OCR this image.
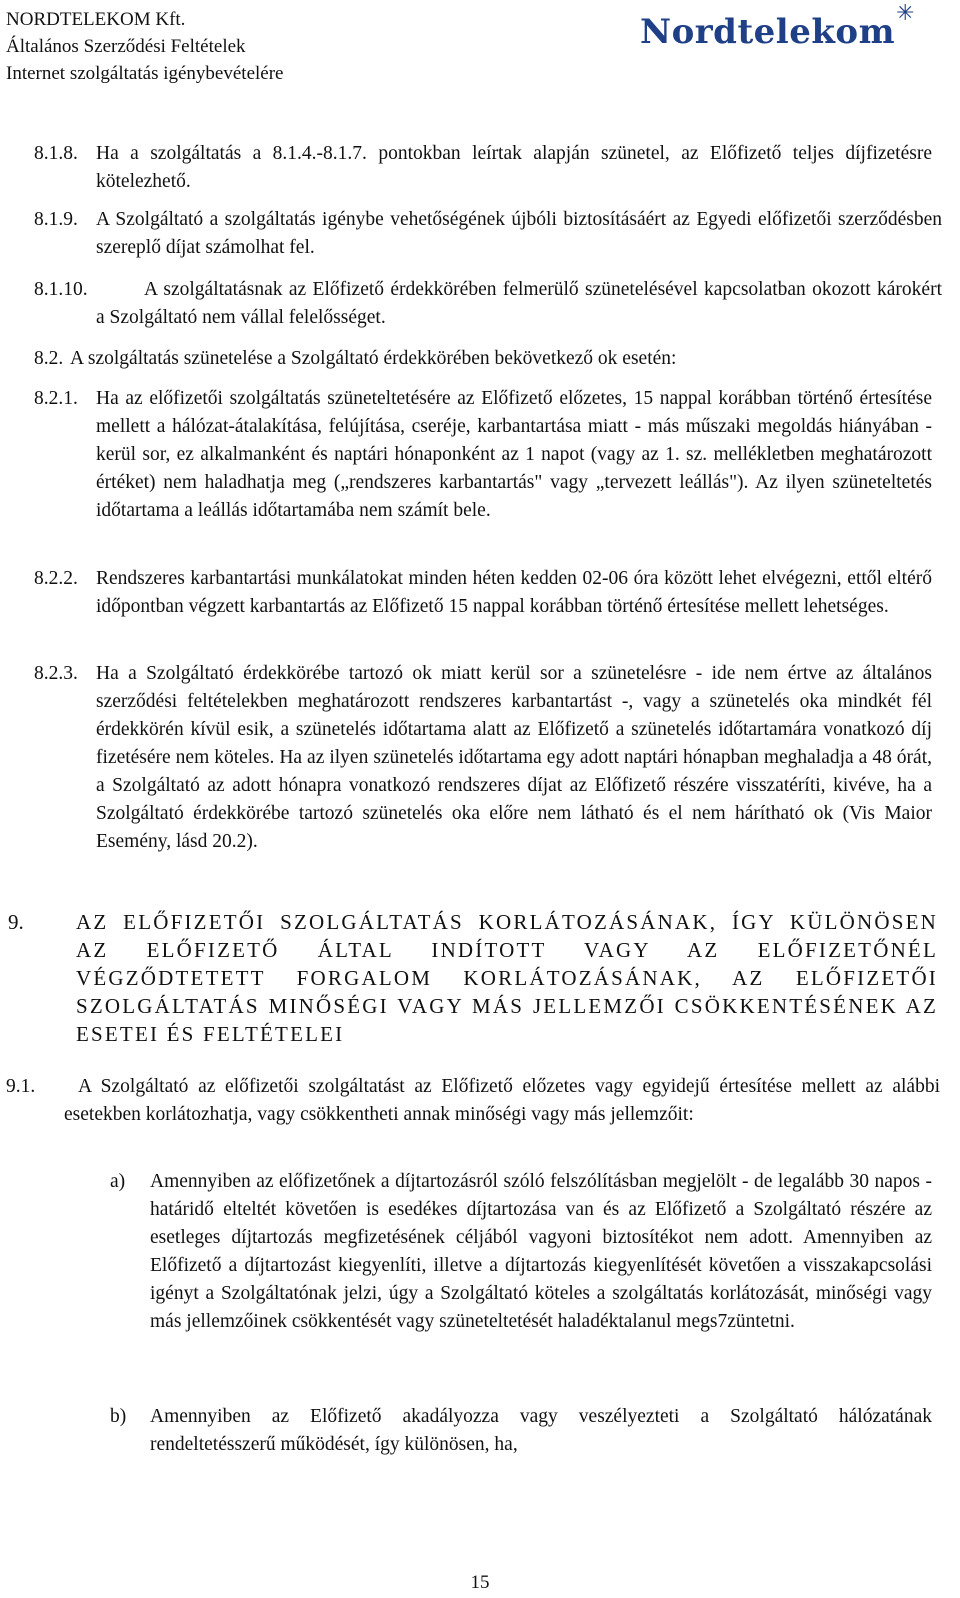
NORDTELEKOM Kft.
Általános Szerződési Feltételek
Internet szolgáltatás igénybevételére
Nordtelekom ✳
8.1.8. Ha a szolgáltatás a 8.1.4.-8.1.7. pontokban leírtak alapján szünetel, az Előfizető teljes díjfizetésre kötelezhető.
8.1.9. A Szolgáltató a szolgáltatás igénybe vehetőségének újbóli biztosításáért az Egyedi előfizetői szerződésben szereplő díjat számolhat fel.
8.1.10.	A szolgáltatásnak az Előfizető érdekkörében felmerülő szünetelésével kapcsolatban okozott károkért a Szolgáltató nem vállal felelősséget.
8.2. A szolgáltatás szünetelése a Szolgáltató érdekkörében bekövetkező ok esetén:
8.2.1. Ha az előfizetői szolgáltatás szüneteltetésére az Előfizető előzetes, 15 nappal korábban történő értesítése mellett a hálózat-átalakítása, felújítása, cseréje, karbantartása miatt - más műszaki megoldás hiányában - kerül sor, ez alkalmanként és naptári hónaponként az 1 napot (vagy az 1. sz. mellékletben meghatározott értéket) nem haladhatja meg („rendszeres karbantartás" vagy „tervezett leállás"). Az ilyen szüneteltetés időtartama a leállás időtartamába nem számít bele.
8.2.2. Rendszeres karbantartási munkálatokat minden héten kedden 02-06 óra között lehet elvégezni, ettől eltérő időpontban végzett karbantartás az Előfizető 15 nappal korábban történő értesítése mellett lehetséges.
8.2.3. Ha a Szolgáltató érdekkörébe tartozó ok miatt kerül sor a szünetelésre - ide nem értve az általános szerződési feltételekben meghatározott rendszeres karbantartást -, vagy a szünetelés oka mindkét fél érdekkörén kívül esik, a szünetelés időtartama alatt az Előfizető a szünetelés időtartamára vonatkozó díj fizetésére nem köteles. Ha az ilyen szünetelés időtartama egy adott naptári hónapban meghaladja a 48 órát, a Szolgáltató az adott hónapra vonatkozó rendszeres díjat az Előfizető részére visszatéríti, kivéve, ha a Szolgáltató érdekkörébe tartozó szünetelés oka előre nem látható és el nem hárítható ok (Vis Maior Esemény, lásd 20.2).
9. AZ ELŐFIZETŐI SZOLGÁLTATÁS KORLÁTOZÁSÁNAK, ÍGY KÜLÖNÖSEN AZ ELŐFIZETŐ ÁLTAL INDÍTOTT VAGY AZ ELŐFIZETŐNÉL VÉGZŐDTETETT FORGALOM KORLÁTOZÁSÁNAK, AZ ELŐFIZETŐI SZOLGÁLTATÁS MINŐSÉGI VAGY MÁS JELLEMZŐI CSÖKKENTÉSÉNEK AZ ESETEI ÉS FELTÉTELEI
9.1.	A Szolgáltató az előfizetői szolgáltatást az Előfizető előzetes vagy egyidejű értesítése mellett az alábbi esetekben korlátozhatja, vagy csökkentheti annak minőségi vagy más jellemzőit:
a) Amennyiben az előfizetőnek a díjtartozásról szóló felszólításban megjelölt - de legalább 30 napos - határidő elteltét követően is esedékes díjtartozása van és az Előfizető a Szolgáltató részére az esetleges díjtartozás megfizetésének céljából vagyoni biztosítékot nem adott. Amennyiben az Előfizető a díjtartozást kiegyenlíti, illetve a díjtartozás kiegyenlítését követően a visszakapcsolási igényt a Szolgáltatónak jelzi, úgy a Szolgáltató köteles a szolgáltatás korlátozását, minőségi vagy más jellemzőinek csökkentését vagy szüneteltetését haladéktalanul megs7züntetni.
b) Amennyiben az Előfizető akadályozza vagy veszélyezteti a Szolgáltató hálózatának rendeltetésszerű működését, így különösen, ha,
15
